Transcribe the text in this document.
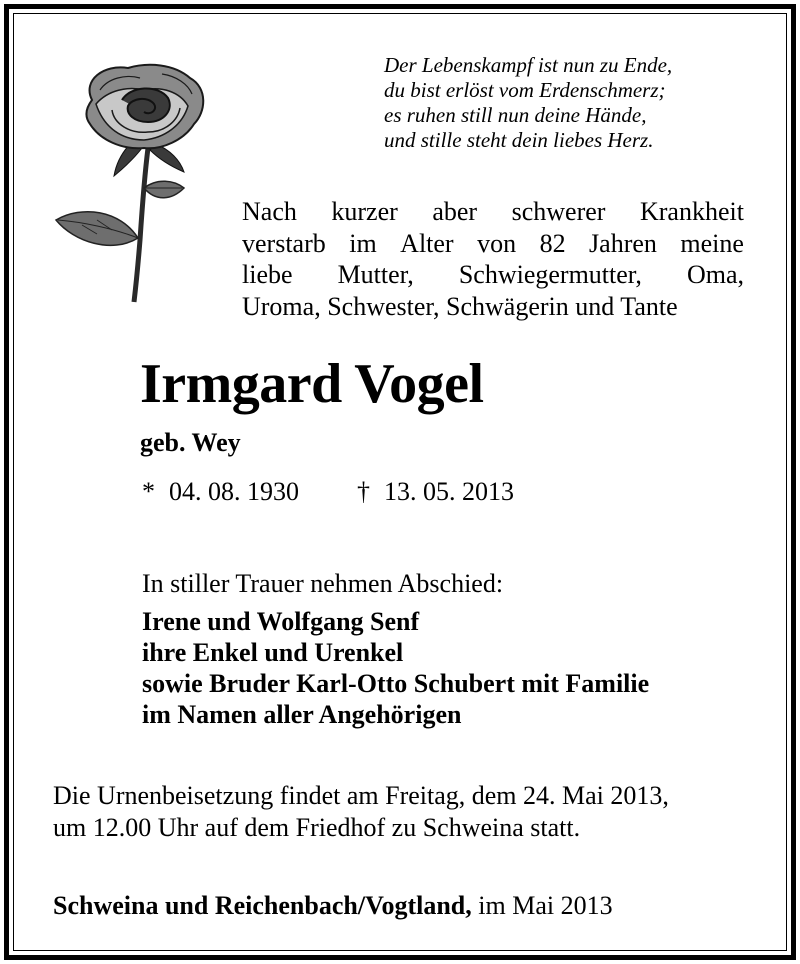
Der Lebenskampf ist nun zu Ende,
du bist erlöst vom Erdenschmerz;
es ruhen still nun deine Hände,
und stille steht dein liebes Herz.
Nach kurzer aber schwerer Krankheit
verstarb im Alter von 82 Jahren meine
liebe Mutter, Schwiegermutter, Oma,
Uroma, Schwester, Schwägerin und Tante
Irmgard Vogel
geb. Wey
* 04. 08. 1930 † 13. 05. 2013
In stiller Trauer nehmen Abschied:
Irene und Wolfgang Senf
ihre Enkel und Urenkel
sowie Bruder Karl-Otto Schubert mit Familie
im Namen aller Angehörigen
Die Urnenbeisetzung findet am Freitag, dem 24. Mai 2013,
um 12.00 Uhr auf dem Friedhof zu Schweina statt.
Schweina und Reichenbach/Vogtland, im Mai 2013
